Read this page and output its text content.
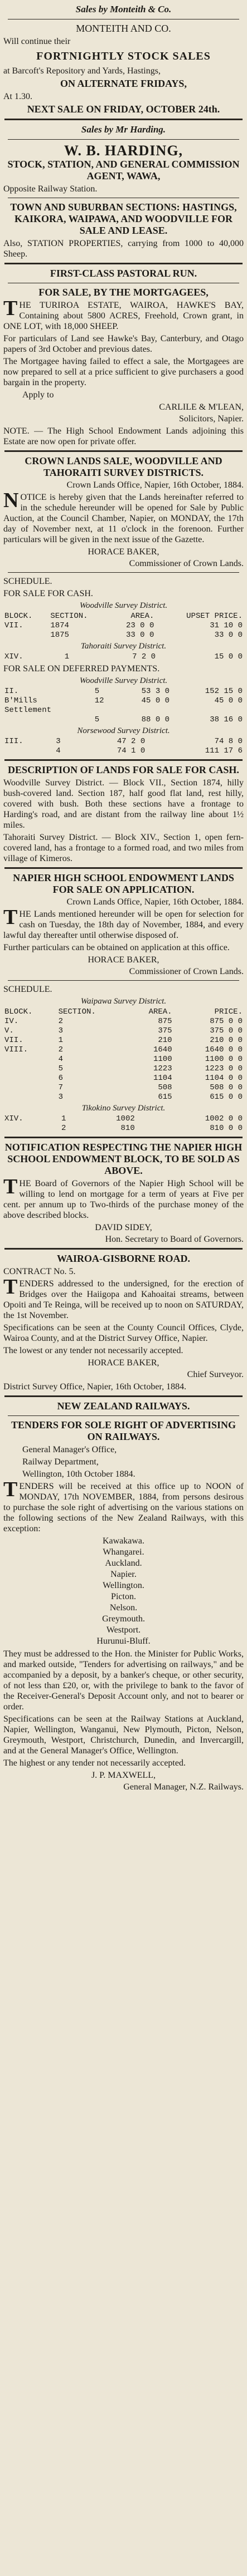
Sales by Monteith & Co.
MONTEITH AND CO.
Will continue their
FORTNIGHTLY STOCK SALES
at Barcoft's Repository and Yards, Hastings,
ON ALTERNATE FRIDAYS,
At 1.30.
NEXT SALE ON FRIDAY, OCTOBER 24th.
Sales by Mr Harding.
W. B. HARDING,
STOCK, STATION, AND GENERAL COMMISSION AGENT, WAWA,
Opposite Railway Station.
TOWN AND SUBURBAN SECTIONS: HASTINGS, KAIKORA, WAIPAWA, AND WOODVILLE FOR SALE AND LEASE.
Also, STATION PROPERTIES, carrying from 1000 to 40,000 Sheep.
FIRST-CLASS PASTORAL RUN.
FOR SALE, BY THE MORTGAGEES,
THE TURIROA ESTATE, WAIROA, HAWKE'S BAY, Containing about 5800 ACRES, Freehold, Crown grant, in ONE LOT, with 18,000 SHEEP.
For particulars of Land see Hawke's Bay, Canterbury, and Otago papers of 3rd October and previous dates.
The Mortgagee having failed to effect a sale, the Mortgagees are now prepared to sell at a price sufficient to give purchasers a good bargain in the property.
Apply to
CARLILE & M'LEAN,
Solicitors, Napier.
NOTE. — The High School Endowment Lands adjoining this Estate are now open for private offer.
CROWN LANDS SALE, WOODVILLE AND TAHORAITI SURVEY DISTRICTS.
Crown Lands Office, Napier, 16th October, 1884.
NOTICE is hereby given that the Lands hereinafter referred to in the schedule hereunder will be opened for Sale by Public Auction, at the Council Chamber, Napier, on MONDAY, the 17th day of November next, at 11 o'clock in the forenoon. Further particulars will be given in the next issue of the Gazette.
HORACE BAKER,
Commissioner of Crown Lands.
SCHEDULE.
FOR SALE FOR CASH.
Woodville Survey District.
BLOCK.	SECTION.	AREA.	UPSET PRICE.
VII.	1874	23 0 0	31 10 0
	1875	33 0 0	33 0 0
Tahoraiti Survey District.
XIV.	1	7 2 0	15 0 0
FOR SALE ON DEFERRED PAYMENTS.
Woodville Survey District.
II.	5	53 3 0	152 15 0
B'Mills	12	45 0 0	45 0 0
Settlement			
	5	88 0 0	38 16 0
Norsewood Survey District.
III.	3	47 2 0	74 8 0
	4	74 1 0	111 17 6
DESCRIPTION OF LANDS FOR SALE FOR CASH.
Woodville Survey District. — Block VII., Section 1874, hilly bush-covered land. Section 187, half good flat land, rest hilly, covered with bush. Both these sections have a frontage to Harding's road, and are distant from the railway line about 1½ miles.
Tahoraiti Survey District. — Block XIV., Section 1, open fern-covered land, has a frontage to a formed road, and two miles from village of Kimeros.
NAPIER HIGH SCHOOL ENDOWMENT LANDS FOR SALE ON APPLICATION.
Crown Lands Office, Napier, 16th October, 1884.
THE Lands mentioned hereunder will be open for selection for cash on Tuesday, the 18th day of November, 1884, and every lawful day thereafter until otherwise disposed of.
Further particulars can be obtained on application at this office.
HORACE BAKER,
Commissioner of Crown Lands.
SCHEDULE.
Waipawa Survey District.
BLOCK.	SECTION.	AREA.	PRICE.
IV.	2	875	875 0 0
V.	3	375	375 0 0
VII.	1	210	210 0 0
VIII.	2	1640	1640 0 0
	4	1100	1100 0 0
	5	1223	1223 0 0
	6	1104	1104 0 0
	7	508	508 0 0
	3	615	615 0 0
Tikokino Survey District.
XIV.	1	1002	1002 0 0
	2	810	810 0 0
NOTIFICATION RESPECTING THE NAPIER HIGH SCHOOL ENDOWMENT BLOCK, TO BE SOLD AS ABOVE.
THE Board of Governors of the Napier High School will be willing to lend on mortgage for a term of years at Five per cent. per annum up to Two-thirds of the purchase money of the above described blocks.
DAVID SIDEY,
Hon. Secretary to Board of Governors.
WAIROA-GISBORNE ROAD.
CONTRACT No. 5.
TENDERS addressed to the undersigned, for the erection of Bridges over the Haiigopa and Kahoaitai streams, between Opoiti and Te Reinga, will be received up to noon on SATURDAY, the 1st November.
Specifications can be seen at the County Council Offices, Clyde, Wairoa County, and at the District Survey Office, Napier.
The lowest or any tender not necessarily accepted.
HORACE BAKER,
Chief Surveyor.
District Survey Office, Napier, 16th October, 1884.
NEW ZEALAND RAILWAYS.
TENDERS FOR SOLE RIGHT OF ADVERTISING ON RAILWAYS.
General Manager's Office,
Railway Department,
Wellington, 10th October 1884.
TENDERS will be received at this office up to NOON of MONDAY, 17th NOVEMBER, 1884, from persons desirous to purchase the sole right of advertising on the various stations on the following sections of the New Zealand Railways, with this exception:
Kawakawa.
Whangarei.
Auckland.
Napier.
Wellington.
Picton.
Nelson.
Greymouth.
Westport.
Hurunui-Bluff.
They must be addressed to the Hon. the Minister for Public Works, and marked outside, "Tenders for advertising on railways," and be accompanied by a deposit, by a banker's cheque, or other security, of not less than £20, or, with the privilege to bank to the favor of the Receiver-General's Deposit Account only, and not to bearer or order.
Specifications can be seen at the Railway Stations at Auckland, Napier, Wellington, Wanganui, New Plymouth, Picton, Nelson, Greymouth, Westport, Christchurch, Dunedin, and Invercargill, and at the General Manager's Office, Wellington.
The highest or any tender not necessarily accepted.
J. P. MAXWELL,
General Manager, N.Z. Railways.
